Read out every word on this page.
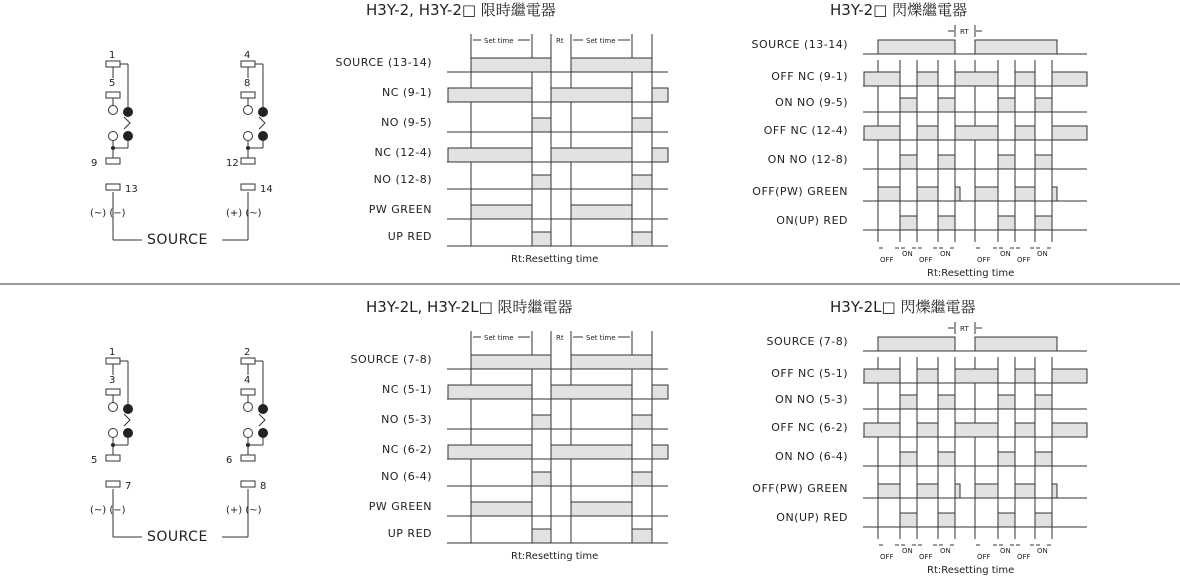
1
5
9
13
4
8
12
14
(~) (−)	(+) (~)
SOURCE
H3Y-2, H3Y-2□ 限時繼電器
Set time	Rt	Set time
SOURCE (13-14)
NC (9-1)
NO (9-5)
NC (12-4)
NO (12-8)
PW GREEN
UP RED
Rt:Resetting time
H3Y-2□ 閃爍繼電器
RT
SOURCE (13-14)
OFF NC (9-1)
ON NO (9-5)
OFF NC (12-4)
ON NO (12-8)
OFF(PW) GREEN
ON(UP) RED
OFF
ON
OFF
ON
OFF
ON
OFF
ON
Rt:Resetting time
1
3
5
7
2
4
6
8
(~) (−)	(+) (~)
SOURCE
H3Y-2L, H3Y-2L□ 限時繼電器
Set time	Rt	Set time
SOURCE (7-8)
NC (5-1)
NO (5-3)
NC (6-2)
NO (6-4)
PW GREEN
UP RED
Rt:Resetting time
H3Y-2L□ 閃爍繼電器
RT
SOURCE (7-8)
OFF NC (5-1)
ON NO (5-3)
OFF NC (6-2)
ON NO (6-4)
OFF(PW) GREEN
ON(UP) RED
OFF
ON
OFF
ON
OFF
ON
OFF
ON
Rt:Resetting time
